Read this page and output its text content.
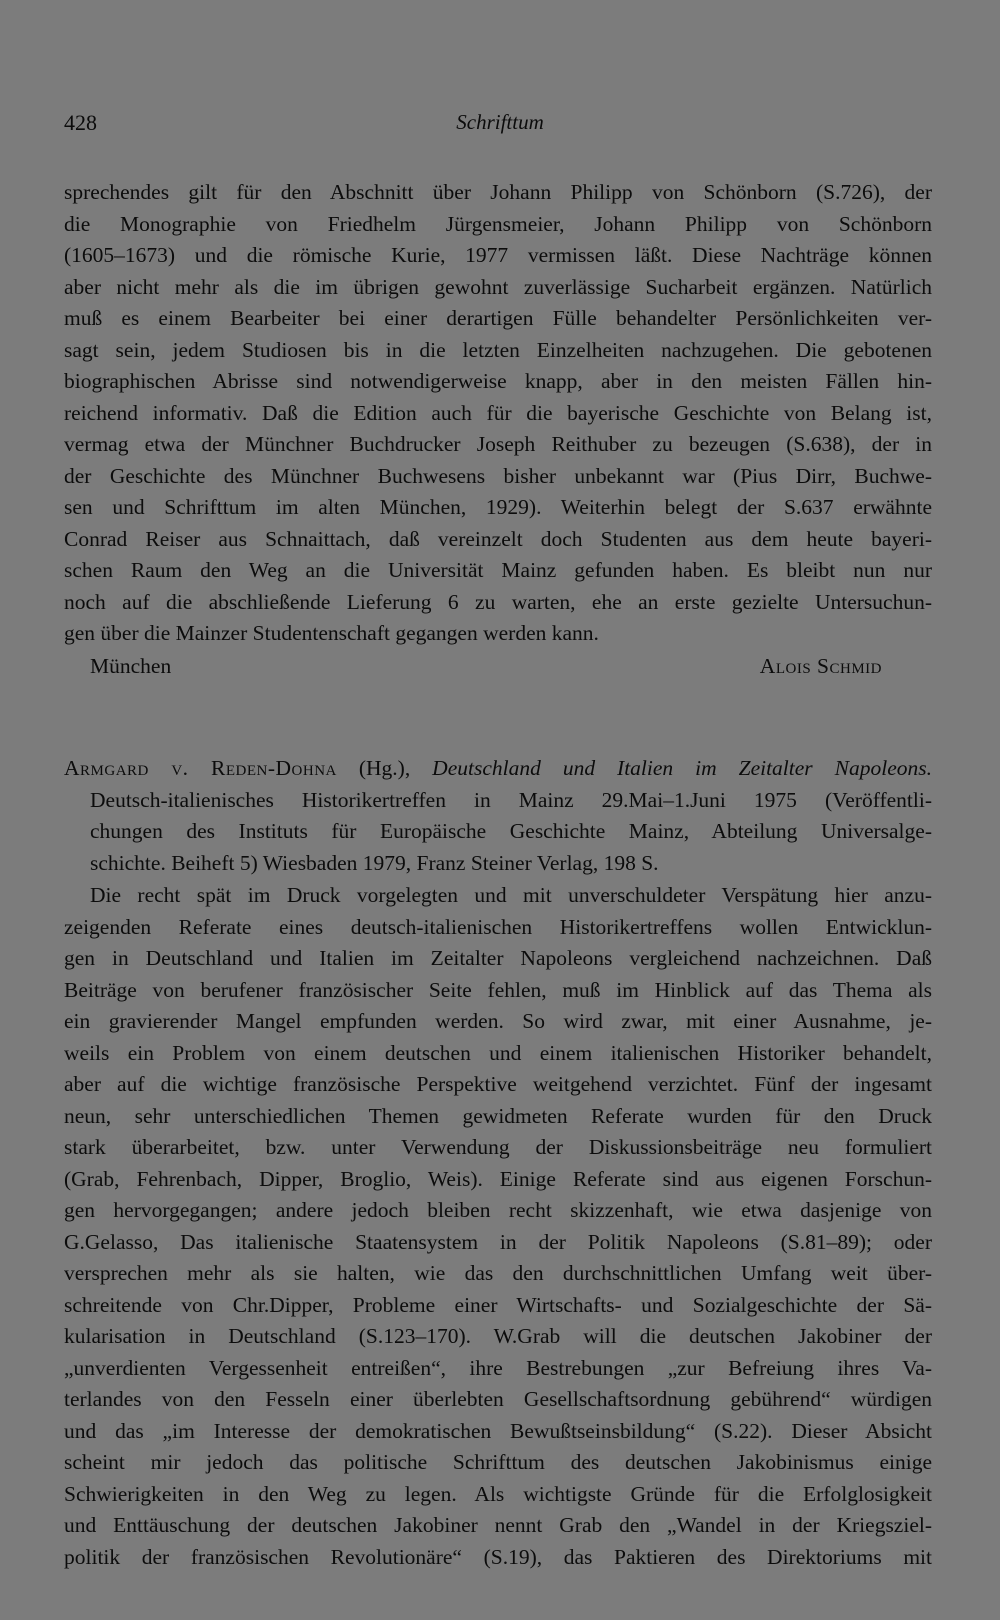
428	Schrifttum
sprechendes gilt für den Abschnitt über Johann Philipp von Schönborn (S.726), der
die Monographie von Friedhelm Jürgensmeier, Johann Philipp von Schönborn
(1605–1673) und die römische Kurie, 1977 vermissen läßt. Diese Nachträge können
aber nicht mehr als die im übrigen gewohnt zuverlässige Sucharbeit ergänzen. Natürlich
muß es einem Bearbeiter bei einer derartigen Fülle behandelter Persönlichkeiten ver-
sagt sein, jedem Studiosen bis in die letzten Einzelheiten nachzugehen. Die gebotenen
biographischen Abrisse sind notwendigerweise knapp, aber in den meisten Fällen hin-
reichend informativ. Daß die Edition auch für die bayerische Geschichte von Belang ist,
vermag etwa der Münchner Buchdrucker Joseph Reithuber zu bezeugen (S.638), der in
der Geschichte des Münchner Buchwesens bisher unbekannt war (Pius Dirr, Buchwe-
sen und Schrifttum im alten München, 1929). Weiterhin belegt der S.637 erwähnte
Conrad Reiser aus Schnaittach, daß vereinzelt doch Studenten aus dem heute bayeri-
schen Raum den Weg an die Universität Mainz gefunden haben. Es bleibt nun nur
noch auf die abschließende Lieferung 6 zu warten, ehe an erste gezielte Untersuchun-
gen über die Mainzer Studentenschaft gegangen werden kann.
München	Alois Schmid
Armgard v. Reden-Dohna (Hg.), Deutschland und Italien im Zeitalter Napoleons.
Deutsch-italienisches Historikertreffen in Mainz 29.Mai–1.Juni 1975 (Veröffentli-
chungen des Instituts für Europäische Geschichte Mainz, Abteilung Universalge-
schichte. Beiheft 5) Wiesbaden 1979, Franz Steiner Verlag, 198 S.
Die recht spät im Druck vorgelegten und mit unverschuldeter Verspätung hier anzu-
zeigenden Referate eines deutsch-italienischen Historikertreffens wollen Entwicklun-
gen in Deutschland und Italien im Zeitalter Napoleons vergleichend nachzeichnen. Daß
Beiträge von berufener französischer Seite fehlen, muß im Hinblick auf das Thema als
ein gravierender Mangel empfunden werden. So wird zwar, mit einer Ausnahme, je-
weils ein Problem von einem deutschen und einem italienischen Historiker behandelt,
aber auf die wichtige französische Perspektive weitgehend verzichtet. Fünf der ingesamt
neun, sehr unterschiedlichen Themen gewidmeten Referate wurden für den Druck
stark überarbeitet, bzw. unter Verwendung der Diskussionsbeiträge neu formuliert
(Grab, Fehrenbach, Dipper, Broglio, Weis). Einige Referate sind aus eigenen Forschun-
gen hervorgegangen; andere jedoch bleiben recht skizzenhaft, wie etwa dasjenige von
G.Gelasso, Das italienische Staatensystem in der Politik Napoleons (S.81–89); oder
versprechen mehr als sie halten, wie das den durchschnittlichen Umfang weit über-
schreitende von Chr.Dipper, Probleme einer Wirtschafts- und Sozialgeschichte der Sä-
kularisation in Deutschland (S.123–170). W.Grab will die deutschen Jakobiner der
„unverdienten Vergessenheit entreißen“, ihre Bestrebungen „zur Befreiung ihres Va-
terlandes von den Fesseln einer überlebten Gesellschaftsordnung gebührend“ würdigen
und das „im Interesse der demokratischen Bewußtseinsbildung“ (S.22). Dieser Absicht
scheint mir jedoch das politische Schrifttum des deutschen Jakobinismus einige
Schwierigkeiten in den Weg zu legen. Als wichtigste Gründe für die Erfolglosigkeit
und Enttäuschung der deutschen Jakobiner nennt Grab den „Wandel in der Kriegsziel-
politik der französischen Revolutionäre“ (S.19), das Paktieren des Direktoriums mit
